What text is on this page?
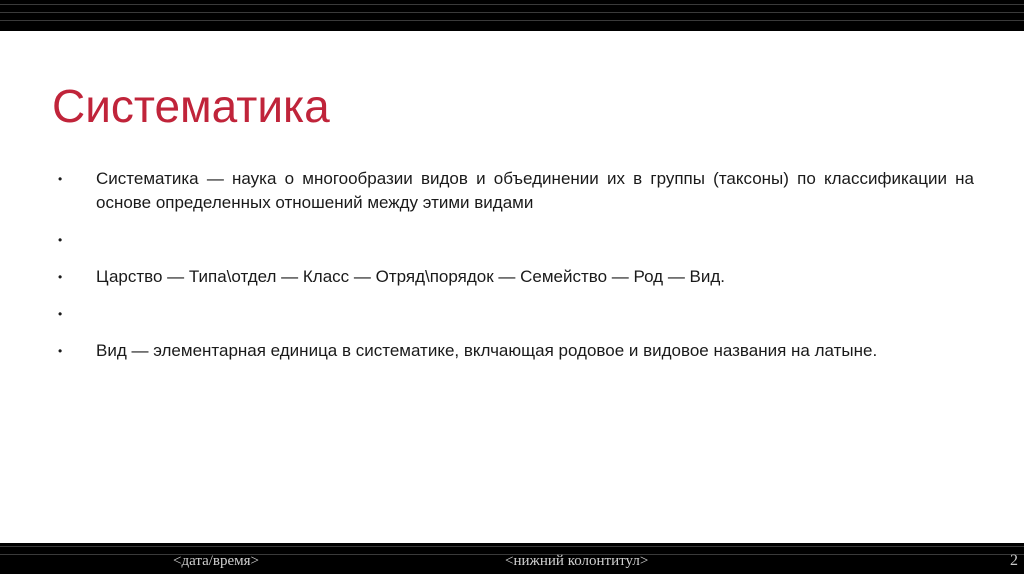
Систематика
•	Систематика — наука о многообразии видов и объединении их в группы (таксоны) по классификации на основе определенных отношений между этими видами
•
•	Царство — Типа\отдел — Класс — Отряд\порядок — Семейство — Род — Вид.
•
•	Вид — элементарная единица в систематике, вклчающая родовое и видовое названия на латыне.
<дата/время>	<нижний колонтитул>	2
